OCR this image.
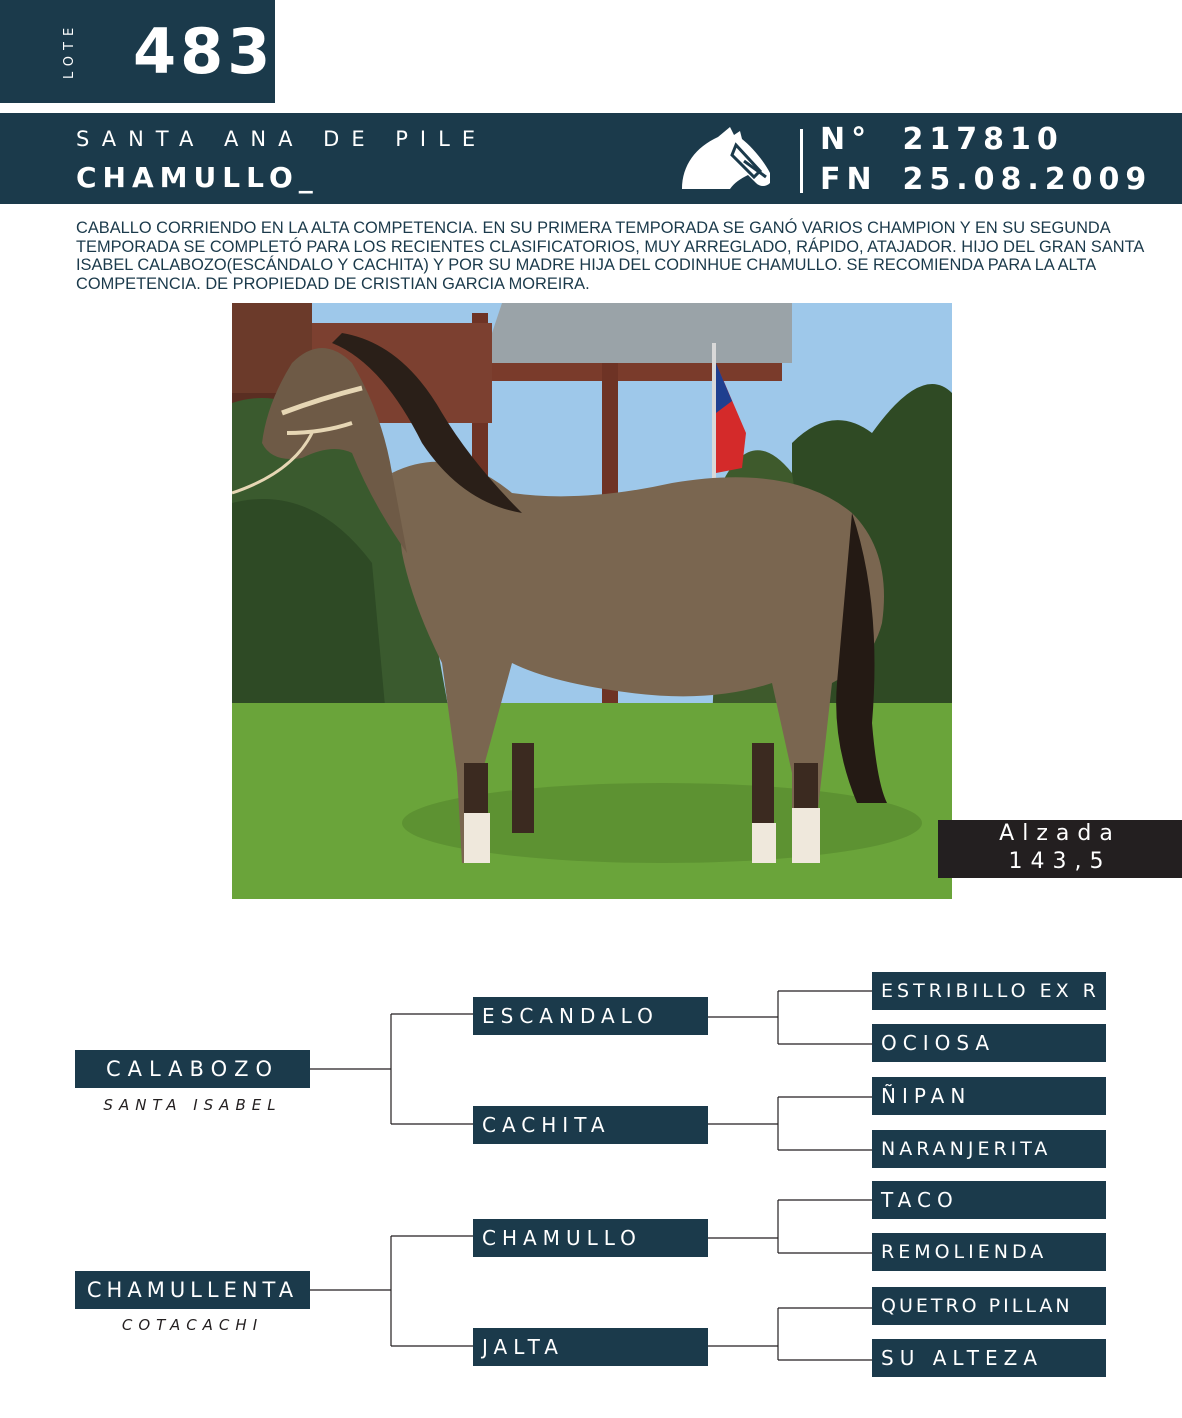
LOTE 483
SANTA ANA DE PILE
CHAMULLO_
N° 217810
FN 25.08.2009
CABALLO CORRIENDO EN LA ALTA COMPETENCIA. EN SU PRIMERA TEMPORADA SE GANÓ VARIOS CHAMPION Y EN SU SEGUNDA TEMPORADA SE COMPLETÓ PARA LOS RECIENTES CLASIFICATORIOS, MUY ARREGLADO, RÁPIDO, ATAJADOR. HIJO DEL GRAN SANTA ISABEL CALABOZO(ESCÁNDALO Y CACHITA) Y POR SU MADRE HIJA DEL CODINHUE CHAMULLO. SE RECOMIENDA PARA LA ALTA COMPETENCIA. DE PROPIEDAD DE CRISTIAN GARCIA MOREIRA.
Alzada
143,5
CALABOZO
SANTA ISABEL
CHAMULLENTA
COTACACHI
ESCANDALO
CACHITA
CHAMULLO
JALTA
ESTRIBILLO EX R
OCIOSA
ÑIPAN
NARANJERITA
TACO
REMOLIENDA
QUETRO PILLAN
SU ALTEZA
